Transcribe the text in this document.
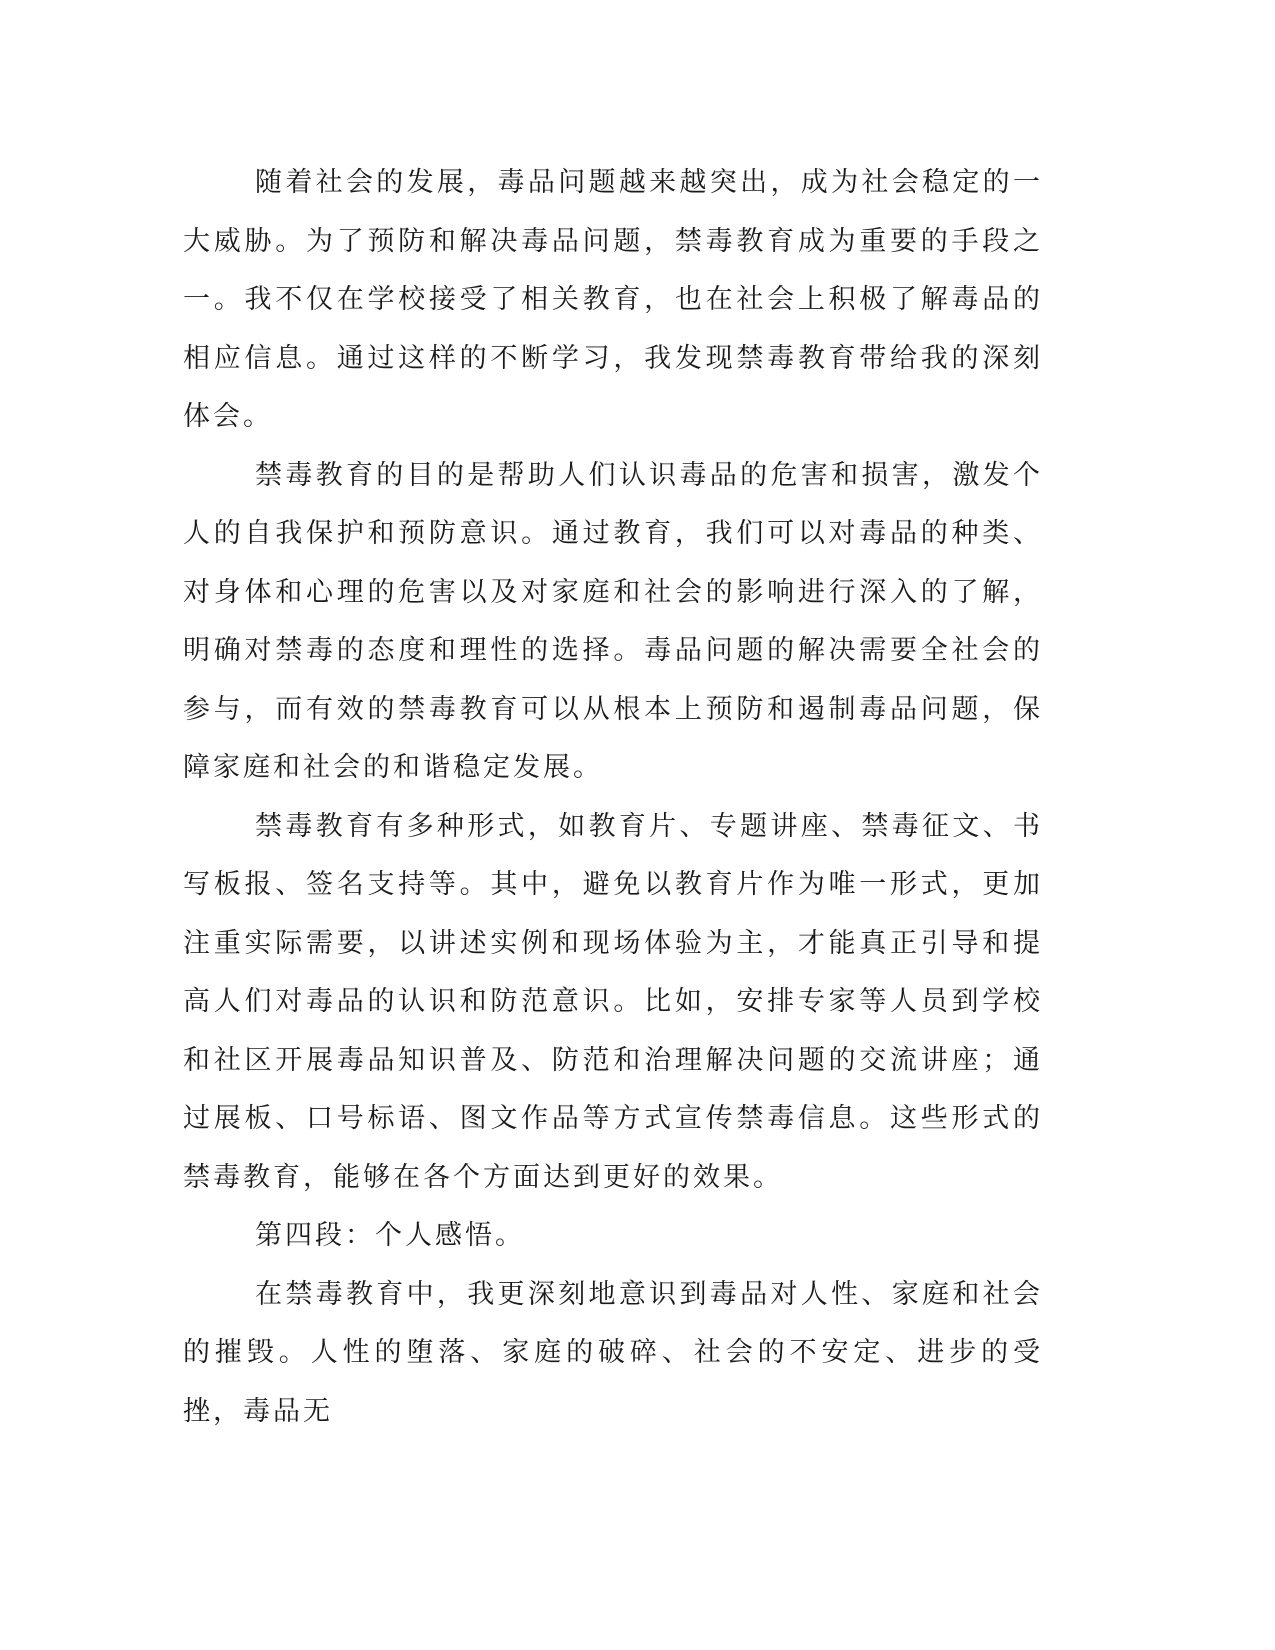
随着社会的发展，毒品问题越来越突出，成为社会稳定的一大威胁。为了预防和解决毒品问题，禁毒教育成为重要的手段之一。我不仅在学校接受了相关教育，也在社会上积极了解毒品的相应信息。通过这样的不断学习，我发现禁毒教育带给我的深刻体会。

禁毒教育的目的是帮助人们认识毒品的危害和损害，激发个人的自我保护和预防意识。通过教育，我们可以对毒品的种类、对身体和心理的危害以及对家庭和社会的影响进行深入的了解，明确对禁毒的态度和理性的选择。毒品问题的解决需要全社会的参与，而有效的禁毒教育可以从根本上预防和遏制毒品问题，保障家庭和社会的和谐稳定发展。

禁毒教育有多种形式，如教育片、专题讲座、禁毒征文、书写板报、签名支持等。其中，避免以教育片作为唯一形式，更加注重实际需要，以讲述实例和现场体验为主，才能真正引导和提高人们对毒品的认识和防范意识。比如，安排专家等人员到学校和社区开展毒品知识普及、防范和治理解决问题的交流讲座；通过展板、口号标语、图文作品等方式宣传禁毒信息。这些形式的禁毒教育，能够在各个方面达到更好的效果。

第四段：个人感悟。

在禁毒教育中，我更深刻地意识到毒品对人性、家庭和社会的摧毁。人性的堕落、家庭的破碎、社会的不安定、进步的受挫，毒品无
